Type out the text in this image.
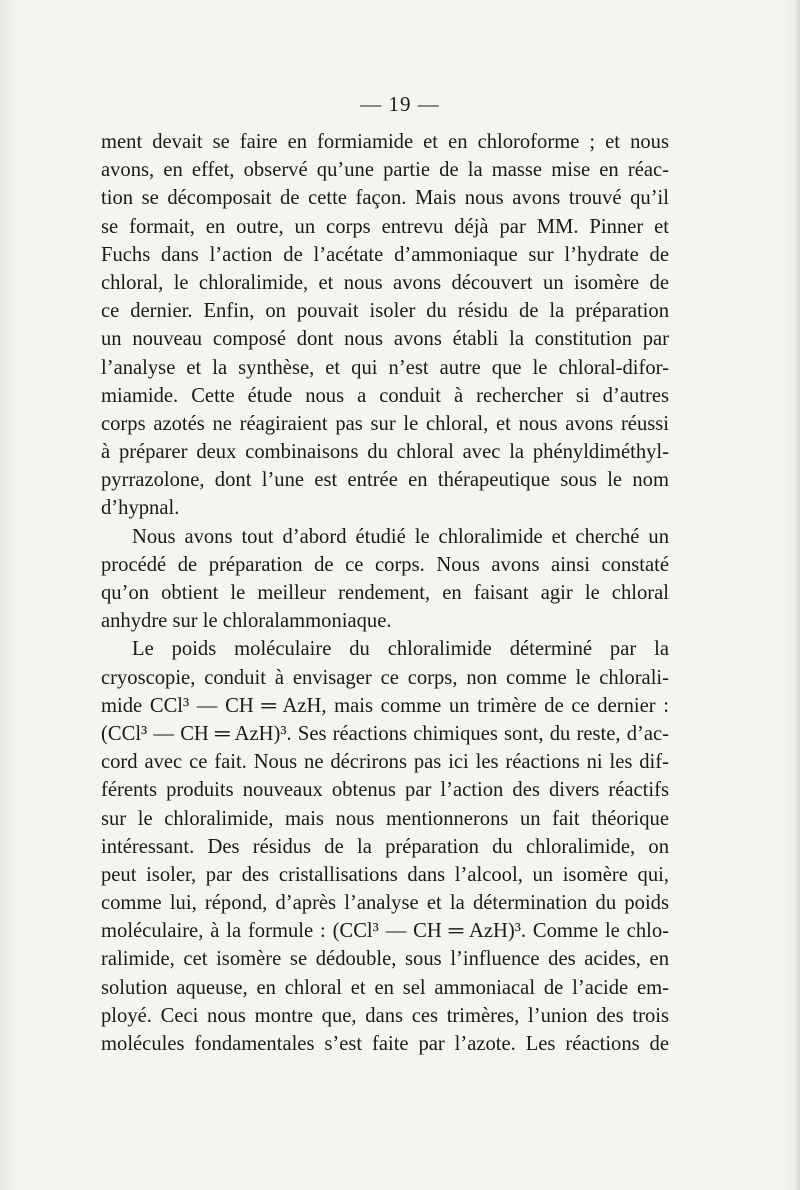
— 19 —
ment devait se faire en formiamide et en chloroforme ; et nous
avons, en effet, observé qu’une partie de la masse mise en réac-
tion se décomposait de cette façon. Mais nous avons trouvé qu’il
se formait, en outre, un corps entrevu déjà par MM. Pinner et
Fuchs dans l’action de l’acétate d’ammoniaque sur l’hydrate de
chloral, le chloralimide, et nous avons découvert un isomère de
ce dernier. Enfin, on pouvait isoler du résidu de la préparation
un nouveau composé dont nous avons établi la constitution par
l’analyse et la synthèse, et qui n’est autre que le chloral-difor-
miamide. Cette étude nous a conduit à rechercher si d’autres
corps azotés ne réagiraient pas sur le chloral, et nous avons réussi
à préparer deux combinaisons du chloral avec la phényldiméthyl-
pyrrazolone, dont l’une est entrée en thérapeutique sous le nom
d’hypnal.
Nous avons tout d’abord étudié le chloralimide et cherché un
procédé de préparation de ce corps. Nous avons ainsi constaté
qu’on obtient le meilleur rendement, en faisant agir le chloral
anhydre sur le chloralammoniaque.
Le poids moléculaire du chloralimide déterminé par la
cryoscopie, conduit à envisager ce corps, non comme le chlorali-
mide CCl³ — CH ═ AzH, mais comme un trimère de ce dernier :
(CCl³ — CH ═ AzH)³. Ses réactions chimiques sont, du reste, d’ac-
cord avec ce fait. Nous ne décrirons pas ici les réactions ni les dif-
férents produits nouveaux obtenus par l’action des divers réactifs
sur le chloralimide, mais nous mentionnerons un fait théorique
intéressant. Des résidus de la préparation du chloralimide, on
peut isoler, par des cristallisations dans l’alcool, un isomère qui,
comme lui, répond, d’après l’analyse et la détermination du poids
moléculaire, à la formule : (CCl³ — CH ═ AzH)³. Comme le chlo-
ralimide, cet isomère se dédouble, sous l’influence des acides, en
solution aqueuse, en chloral et en sel ammoniacal de l’acide em-
ployé. Ceci nous montre que, dans ces trimères, l’union des trois
molécules fondamentales s’est faite par l’azote. Les réactions de
